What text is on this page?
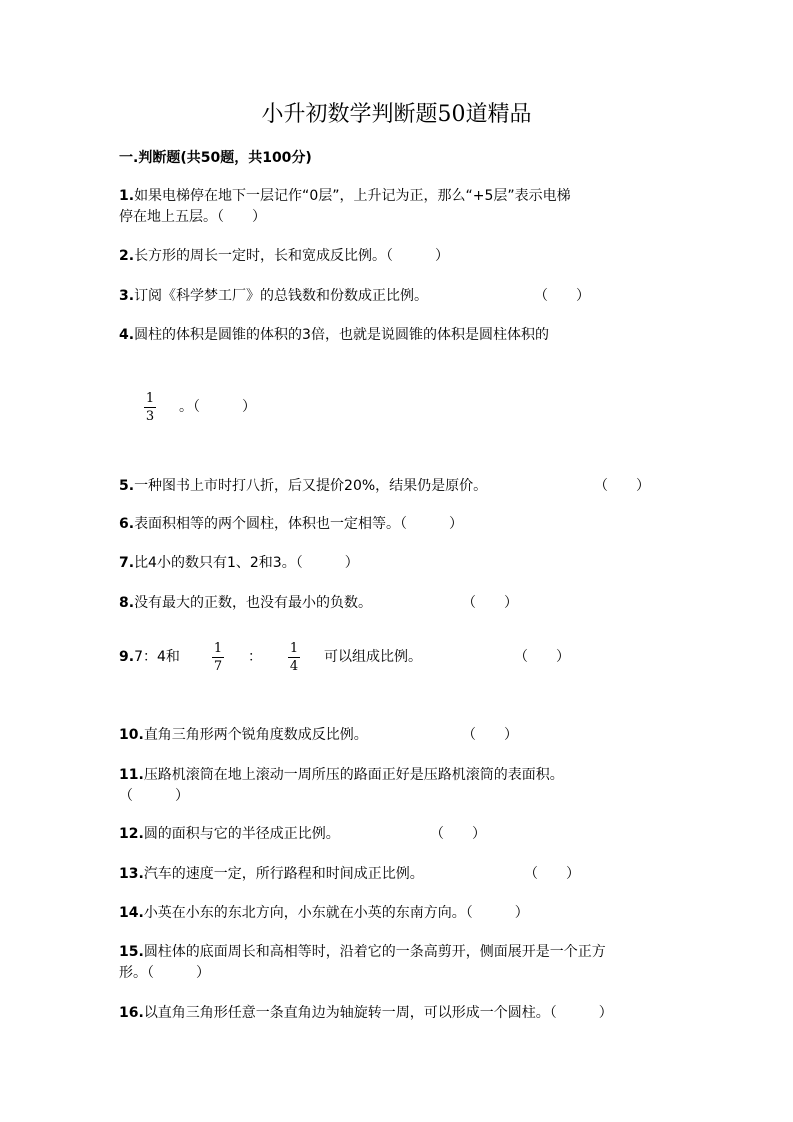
小升初数学判断题50道精品
一.判断题(共50题，共100分)
1.如果电梯停在地下一层记作“0层”，上升记为正，那么“+5层”表示电梯
停在地上五层。（　　）
2.长方形的周长一定时，长和宽成反比例。（　　　）
3.订阅《科学梦工厂》的总钱数和份数成正比例。	（　　）
4.圆柱的体积是圆锥的体积的3倍，也就是说圆锥的体积是圆柱体积的
1
3
。（　　　）
5.一种图书上市时打八折，后又提价20%，结果仍是原价。	（　　）
6.表面积相等的两个圆柱，体积也一定相等。（　　　）
7.比4小的数只有1、2和3。（　　　）
8.没有最大的正数，也没有最小的负数。	（　　）
9.7：4和
1
7
：
1
4
可以组成比例。	（　　）
10.直角三角形两个锐角度数成反比例。	（　　）
11.压路机滚筒在地上滚动一周所压的路面正好是压路机滚筒的表面积。
（　　　）
12.圆的面积与它的半径成正比例。	（　　）
13.汽车的速度一定，所行路程和时间成正比例。	（　　）
14.小英在小东的东北方向，小东就在小英的东南方向。（　　　）
15.圆柱体的底面周长和高相等时，沿着它的一条高剪开，侧面展开是一个正方
形。（　　　）
16.以直角三角形任意一条直角边为轴旋转一周，可以形成一个圆柱。（　　　）
